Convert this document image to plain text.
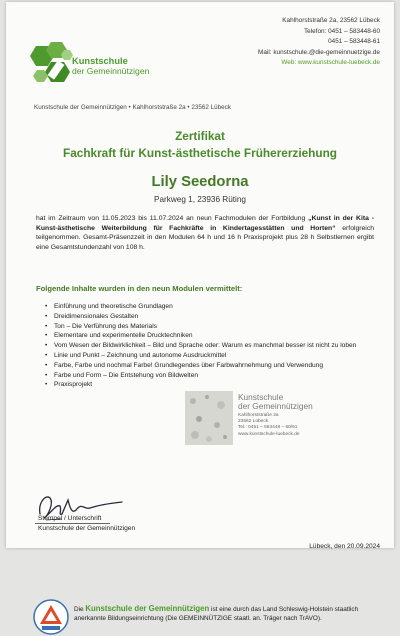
Kunstschule
der Gemeinnützigen
Kahlhorststraße 2a, 23562 Lübeck
Telefon: 0451 – 583448-60
0451 – 583448-61
Mail: kunstschule.@die-gemeinnuetzige.de
Web: www.kunstschule-luebeck.de
Kunstschule der Gemeinnützigen • Kahlhorststraße 2a • 23562 Lübeck
Zertifikat
Fachkraft für Kunst-ästhetische Frühererziehung
Lily Seedorna
Parkweg 1, 23936 Rüting
hat im Zeitraum von 11.05.2023 bis 11.07.2024 an neun Fachmodulen der Fortbildung „Kunst in der Kita - Kunst-ästhetische Weiterbildung für Fachkräfte in Kindertagesstätten und Horten“ erfolgreich teilgenommen. Gesamt-Präsenzzeit in den Modulen 64 h und 16 h Praxisprojekt plus 28 h Selbstlernen ergibt eine Gesamtstundenzahl von 108 h.
Folgende Inhalte wurden in den neun Modulen vermittelt:
• Einführung und theoretische Grundlagen
• Dreidimensionales Gestalten
• Ton – Die Verführung des Materials
• Elementare und experimentelle Drucktechniken
• Vom Wesen der Bildwirklichkeit – Bild und Sprache oder: Warum es manchmal besser ist nicht zu loben
• Linie und Punkt – Zeichnung und autonome Ausdruckmittel
• Farbe, Farbe und nochmal Farbe! Grundlegendes über Farbwahrnehmung und Verwendung
• Farbe und Form – Die Entstehung von Bildwelten
• Praxisprojekt
Kunstschule
der Gemeinnützigen
Kahlhorststraße 2a
23562 Lübeck
Tel.: 0451 – 583448 – 60/61
www.kunstschule-luebeck.de
Stempel / Unterschrift
Kunstschule der Gemeinnützigen
Lübeck, den 20.09.2024
Die Kunstschule der Gemeinnützigen ist eine durch das Land Schleswig-Holstein staatlich anerkannte Bildungseinrichtung (Die GEMEINNÜTZIGE staatl. an. Träger nach TrAVO).
